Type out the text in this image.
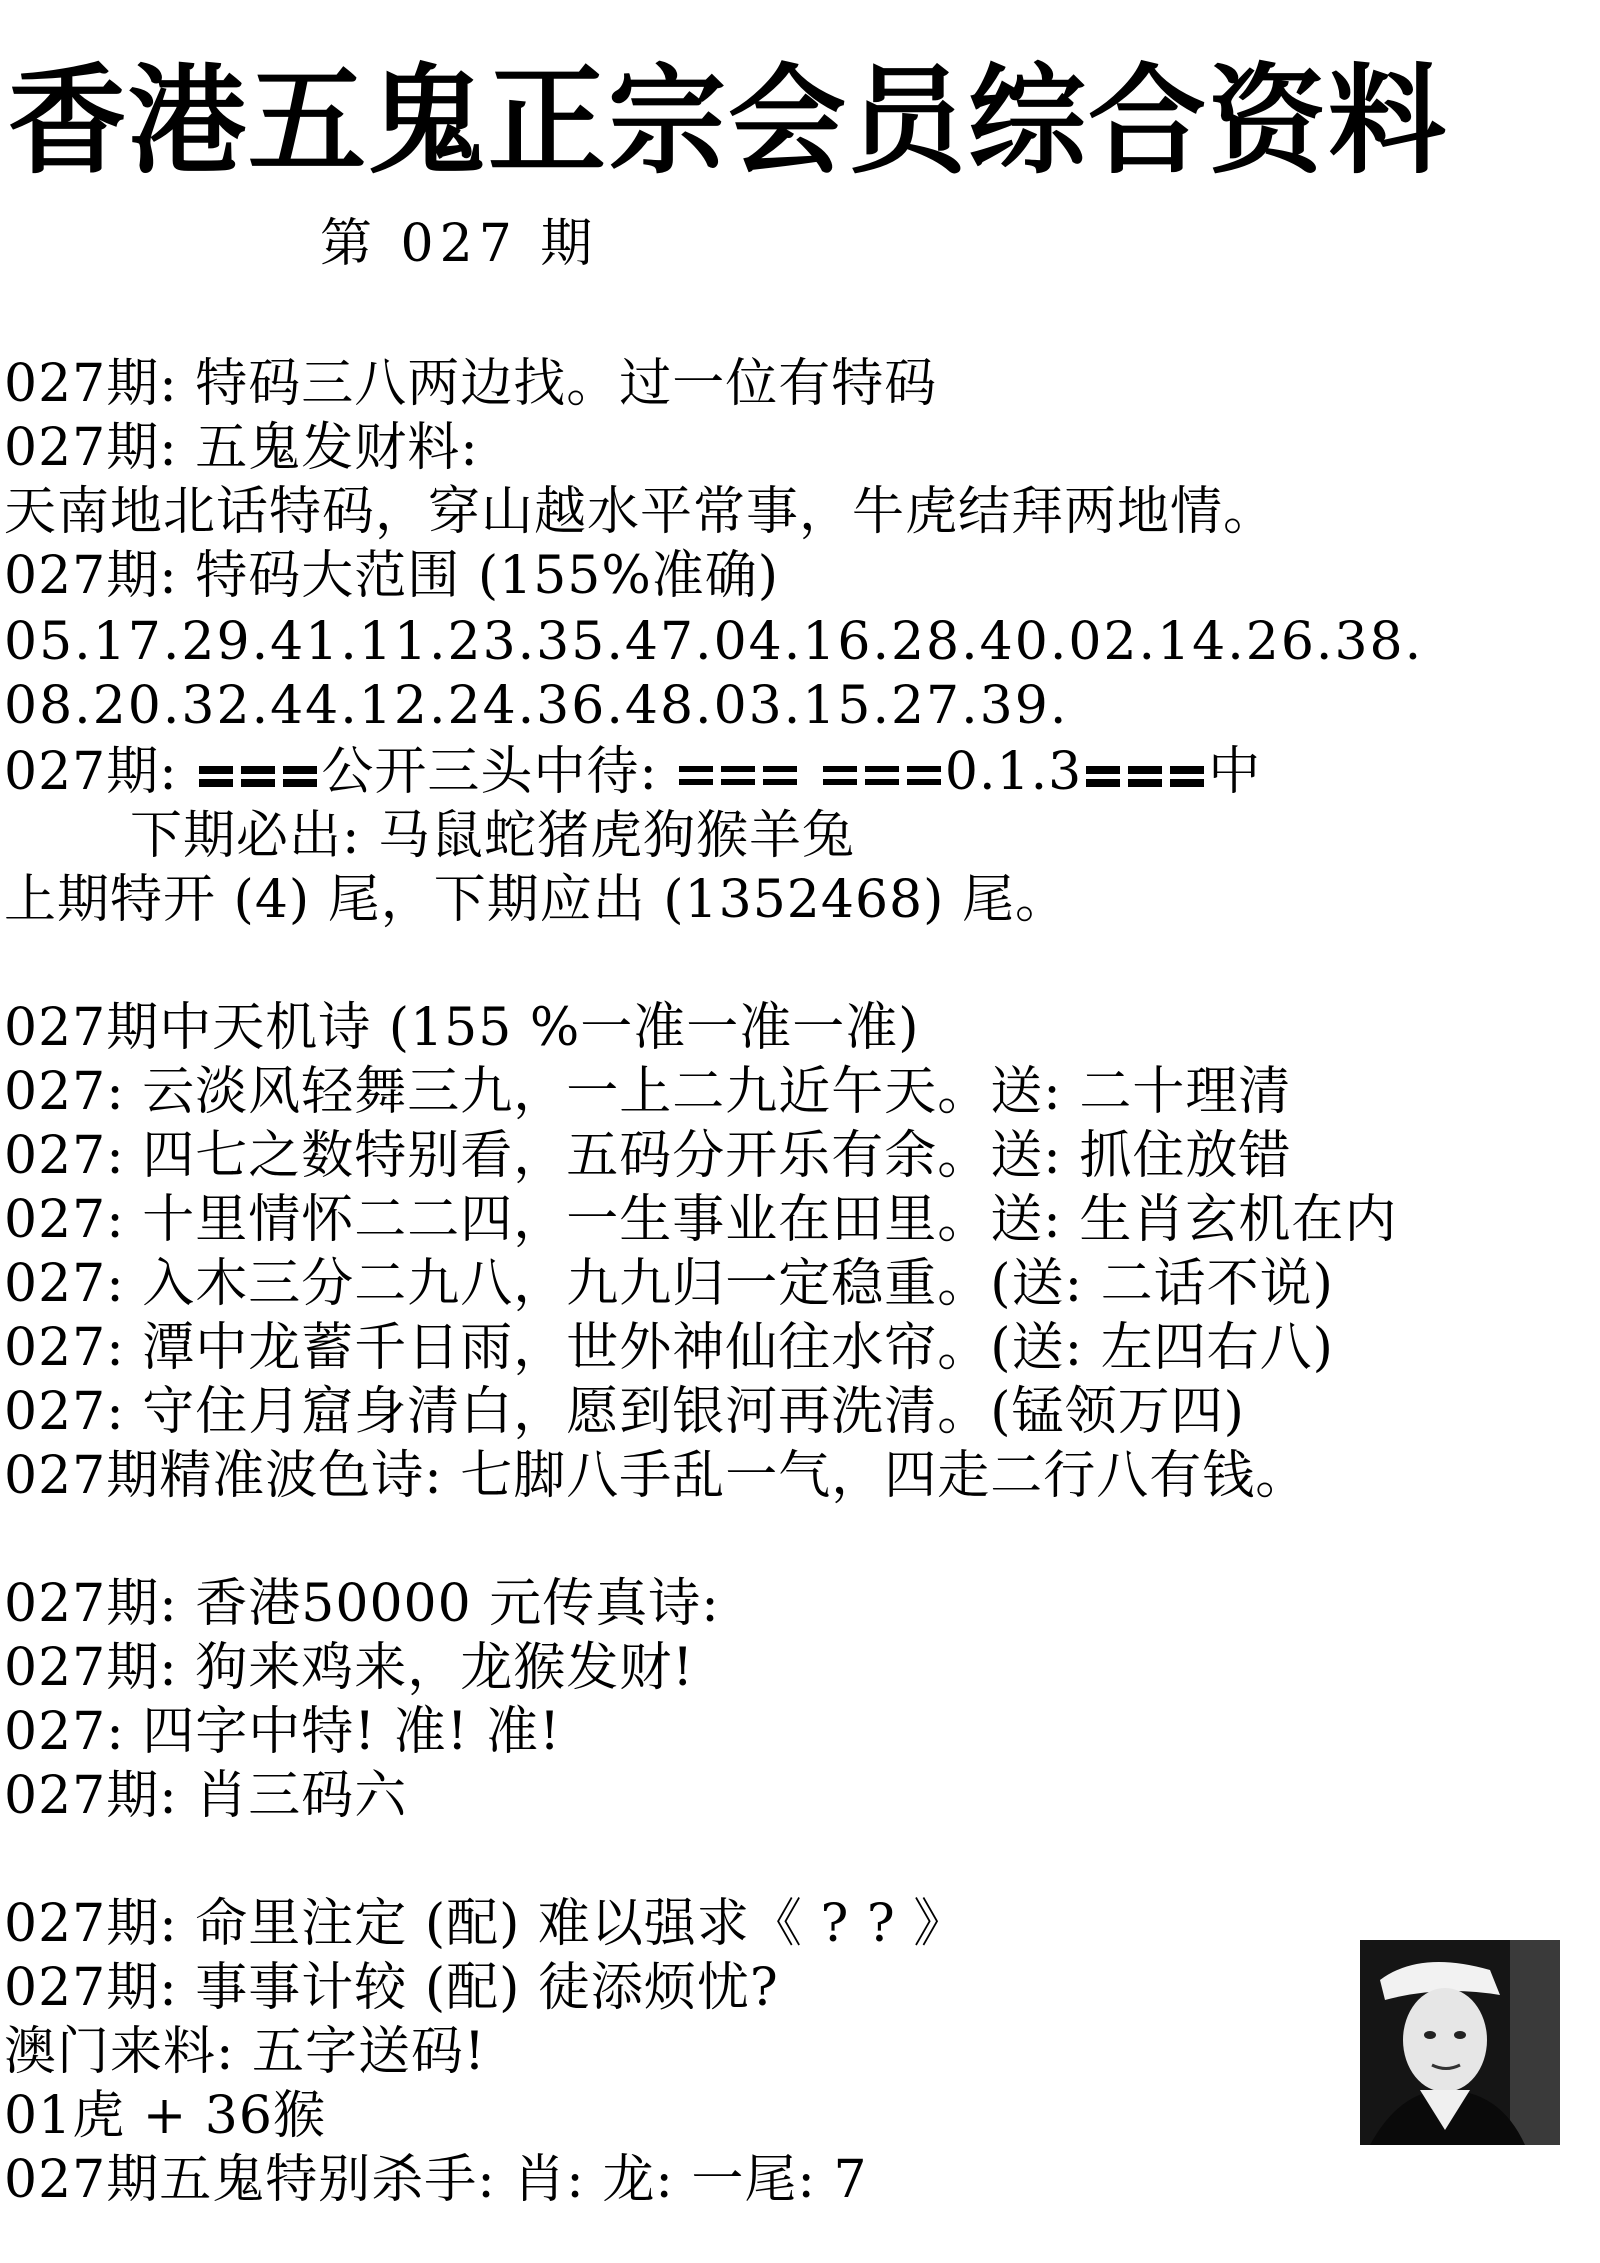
香港五鬼正宗会员综合资料
第 027 期
027期: 特码三八两边找。过一位有特码
027期: 五鬼发财料:
天南地北话特码，穿山越水平常事，牛虎结拜两地情。
027期: 特码大范围 (155%准确)
05.17.29.41.11.23.35.47.04.16.28.40.02.14.26.38.
08.20.32.44.12.24.36.48.03.15.27.39.
027期:	公开三头中待:	0.1.3 中
下期必出: 马鼠蛇猪虎狗猴羊兔
上期特开 (4) 尾，下期应出 (1352468) 尾。
027期中天机诗 (155 %一准一准一准)
027: 云淡风轻舞三九，一上二九近午天。送: 二十理清
027: 四七之数特别看，五码分开乐有余。送: 抓住放错
027: 十里情怀二二四，一生事业在田里。送: 生肖玄机在内
027: 入木三分二九八，九九归一定稳重。(送: 二话不说)
027: 潭中龙蓄千日雨，世外神仙往水帘。(送: 左四右八)
027: 守住月窟身清白，愿到银河再洗清。(锰领万四)
027期精准波色诗: 七脚八手乱一气，四走二行八有钱。
027期: 香港50000 元传真诗:
027期: 狗来鸡来，龙猴发财!
027: 四字中特! 准! 准!
027期: 肖三码六
027期: 命里注定 (配) 难以强求《 ? ? 》
027期: 事事计较 (配) 徒添烦忧?
澳门来料: 五字送码!
01虎 + 36猴
027期五鬼特别杀手: 肖: 龙: 一尾: 7
